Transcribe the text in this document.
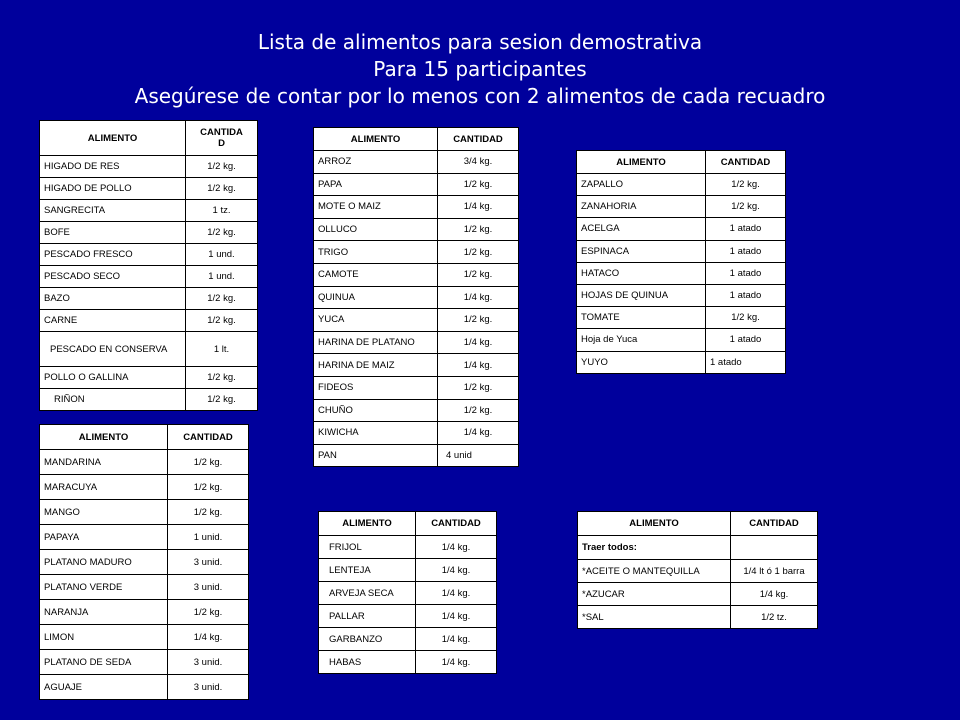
Lista de alimentos para sesion demostrativa

Para 15 participantes

Asegúrese de contar por lo menos con 2 alimentos de cada recuadro

ALIMENTO	CANTIDA
D
HIGADO DE RES	1/2 kg.
HIGADO DE POLLO	1/2 kg.
SANGRECITA	1 tz.
BOFE	1/2 kg.
PESCADO FRESCO	1 und.
PESCADO SECO	1 und.
BAZO	1/2 kg.
CARNE	1/2 kg.
PESCADO EN CONSERVA	1 lt.
POLLO O GALLINA	1/2 kg.
RIÑON	1/2 kg.
ALIMENTO	CANTIDAD
MANDARINA	1/2 kg.
MARACUYA	1/2 kg.
MANGO	1/2 kg.
PAPAYA	1 unid.
PLATANO MADURO	3 unid.
PLATANO VERDE	3 unid.
NARANJA	1/2 kg.
LIMON	1/4 kg.
PLATANO DE SEDA	3 unid.
AGUAJE	3 unid.
ALIMENTO	CANTIDAD
ARROZ	3/4 kg.
PAPA	1/2 kg.
MOTE O MAIZ	1/4 kg.
OLLUCO	1/2 kg.
TRIGO	1/2 kg.
CAMOTE	1/2 kg.
QUINUA	1/4 kg.
YUCA	1/2 kg.
HARINA DE PLATANO	1/4 kg.
HARINA DE MAIZ	1/4 kg.
FIDEOS	1/2 kg.
CHUÑO	1/2 kg.
KIWICHA	1/4 kg.
PAN	4 unid
ALIMENTO	CANTIDAD
ZAPALLO	1/2 kg.
ZANAHORIA	1/2 kg.
ACELGA	1 atado
ESPINACA	1 atado
HATACO	1 atado
HOJAS DE QUINUA	1 atado
TOMATE	1/2 kg.
Hoja de Yuca	1 atado
YUYO	1 atado
ALIMENTO	CANTIDAD
FRIJOL	1/4 kg.
LENTEJA	1/4 kg.
ARVEJA SECA	1/4 kg.
PALLAR	1/4 kg.
GARBANZO	1/4 kg.
HABAS	1/4 kg.
ALIMENTO	CANTIDAD
Traer todos:	
*ACEITE O MANTEQUILLA	1/4 lt ó 1 barra
*AZUCAR	1/4 kg.
*SAL	1/2 tz.
